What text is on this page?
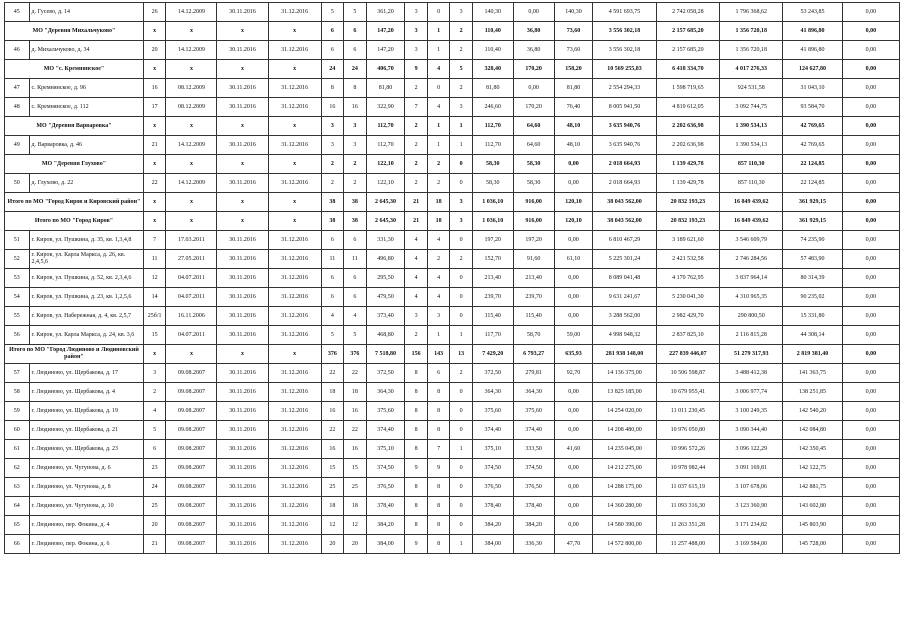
45	д. Гусево, д. 14	26	14.12.2009	30.11.2016	31.12.2016	5	5	361,20	3	0	3	140,30	0,00	140,30	4 591 693,75	2 742 058,28	1 796 368,62	53 243,85	0,00
МО "Деревня Михальчуково"		х	х	х	х	6	6	147,20	3	1	2	110,40	36,80	73,60	3 556 302,18	2 157 685,20	1 356 720,18	41 896,80	0,00
46	д. Михальчуково, д. 34	20	14.12.2009	30.11.2016	31.12.2016	6	6	147,20	3	1	2	110,40	36,80	73,60	3 556 302,18	2 157 685,20	1 356 720,18	41 896,80	0,00
МО "с. Кремнянское"		х	х	х	х	24	24	406,70	9	4	5	328,40	170,20	158,20	10 569 255,83	6 418 334,70	4 017 276,33	124 627,80	0,00
47	с. Кремнянское, д. 96	16	08.12.2009	30.11.2016	31.12.2016	8	8	81,80	2	0	2	81,80	0,00	81,80	2 554 294,33	1 598 719,65	924 531,58	31 043,10	0,00
48	с. Кремнянское, д. 112	17	08.12.2009	30.11.2016	31.12.2016	16	16	322,90	7	4	3	246,60	170,20	76,40	8 005 941,50	4 819 612,05	3 092 744,75	93 584,70	0,00
МО "Деревня Варваровка"		х	х	х	х	3	3	112,70	2	1	1	112,70	64,60	48,10	3 635 940,76	2 202 636,98	1 390 534,13	42 769,65	0,00
49	д. Варваровка, д. 46	21	14.12.2009	30.11.2016	31.12.2016	3	3	112,70	2	1	1	112,70	64,60	48,10	3 635 940,76	2 202 636,98	1 390 534,13	42 769,65	0,00
МО "Деревня Глухово"		х	х	х	х	2	2	122,10	2	2	0	58,30	58,30	0,00	2 018 664,93	1 139 429,78	857 110,30	22 124,85	0,00
50	д. Глухово, д. 22	22	14.12.2009	30.11.2016	31.12.2016	2	2	122,10	2	2	0	58,30	58,30	0,00	2 018 664,93	1 139 429,78	857 110,30	22 124,85	0,00
Итого по МО "Город Киров и Кировский район"		х	х	х	х	38	38	2 645,30	21	18	3	1 036,10	916,00	120,10	38 043 562,00	20 832 193,23	16 849 439,62	361 929,15	0,00
Итого по МО "Город Киров"		х	х	х	х	38	38	2 645,30	21	18	3	1 036,10	916,00	120,10	38 043 562,00	20 832 193,23	16 849 439,62	361 929,15	0,00
51	г. Киров, ул. Пушкина, д. 35, кв. 1,3,4,8	7	17.03.2011	30.11.2016	31.12.2016	6	6	331,30	4	4	0	197,20	197,20	0,00	6 810 467,29	3 189 621,60	3 546 609,79	74 235,90	0,00
52	г. Киров, ул. Карла Маркса, д. 26, кв. 2,4,5,6	11	27.05.2011	30.11.2016	31.12.2016	11	11	496,80	4	2	2	152,70	91,60	61,10	5 225 301,24	2 421 532,58	2 746 284,56	57 483,90	0,00
53	г. Киров, ул. Пушкина, д. 52, кв. 2,3,4,6	12	04.07.2011	30.11.2016	31.12.2016	6	6	295,50	4	4	0	213,40	213,40	0,00	8 089 041,48	4 170 762,95	3 837 964,14	80 314,39	0,00
54	г. Киров, ул. Пушкина, д. 23, кв. 1,2,5,6	14	04.07.2011	30.11.2016	31.12.2016	6	6	479,50	4	4	0	239,70	239,70	0,00	9 631 241,67	5 230 041,30	4 310 965,35	90 235,02	0,00
55	г. Киров, ул. Набережная, д. 4, кв. 2,5,7	25б/1	16.11.2006	30.11.2016	31.12.2016	4	4	373,40	3	3	0	115,40	115,40	0,00	3 288 562,00	2 982 429,70	290 800,50	15 331,80	0,00
56	г. Киров, ул. Карла Маркса, д. 24, кв. 3,6	15	04.07.2011	30.11.2016	31.12.2016	5	5	468,80	2	1	1	117,70	58,70	59,00	4 998 948,32	2 837 825,10	2 116 815,28	44 308,14	0,00
Итого по МО "Город Людиново и Людиновский район"		х	х	х	х	376	376	7 518,80	156	143	13	7 429,20	6 793,27	635,93	281 938 148,00	227 839 446,07	51 279 317,93	2 819 381,40	0,00
57	г. Людиново, ул. Щербакова, д. 17	3	09.08.2007	30.11.2016	31.12.2016	22	22	372,50	8	6	2	372,50	279,81	92,70	14 136 375,00	10 506 598,87	3 488 412,38	141 363,75	0,00
58	г. Людиново, ул. Щербакова, д. 4	2	09.08.2007	30.11.2016	31.12.2016	18	18	364,30	8	8	0	364,30	364,30	0,00	13 825 185,00	10 679 955,41	3 006 977,74	138 251,85	0,00
59	г. Людиново, ул. Щербакова, д. 19	4	09.08.2007	30.11.2016	31.12.2016	16	16	375,60	8	8	0	375,60	375,60	0,00	14 254 020,00	11 011 230,45	3 100 249,35	142 540,20	0,00
60	г. Людиново, ул. Щербакова, д. 21	5	09.08.2007	30.11.2016	31.12.2016	22	22	374,40	8	8	0	374,40	374,40	0,00	14 208 480,00	10 976 050,80	3 090 344,40	142 084,80	0,00
61	г. Людиново, ул. Щербакова, д. 23	6	09.08.2007	30.11.2016	31.12.2016	16	16	375,10	8	7	1	375,10	333,50	41,60	14 235 045,00	10 996 572,26	3 096 122,29	142 350,45	0,00
62	г. Людиново, ул. Чугунова, д. 6	23	09.08.2007	30.11.2016	31.12.2016	15	15	374,50	9	9	0	374,50	374,50	0,00	14 212 275,00	10 978 982,44	3 091 169,81	142 122,75	0,00
63	г. Людиново, ул. Чугунова, д. 8	24	09.08.2007	30.11.2016	31.12.2016	25	25	376,50	8	8	0	376,50	376,50	0,00	14 288 175,00	11 037 615,19	3 107 678,06	142 881,75	0,00
64	г. Людиново, ул. Чугунова, д. 10	25	09.08.2007	30.11.2016	31.12.2016	18	18	378,40	8	8	0	378,40	378,40	0,00	14 360 280,00	11 093 316,30	3 123 360,90	143 602,80	0,00
65	г. Людиново, пер. Фокина, д. 4	20	09.08.2007	30.11.2016	31.12.2016	12	12	384,20	8	8	0	384,20	384,20	0,00	14 580 390,00	11 263 351,28	3 171 234,82	145 803,90	0,00
66	г. Людиново, пер. Фокина, д. 6	21	09.08.2007	30.11.2016	31.12.2016	20	20	384,00	9	8	1	384,00	336,30	47,70	14 572 800,00	11 257 488,00	3 169 584,00	145 728,00	0,00
